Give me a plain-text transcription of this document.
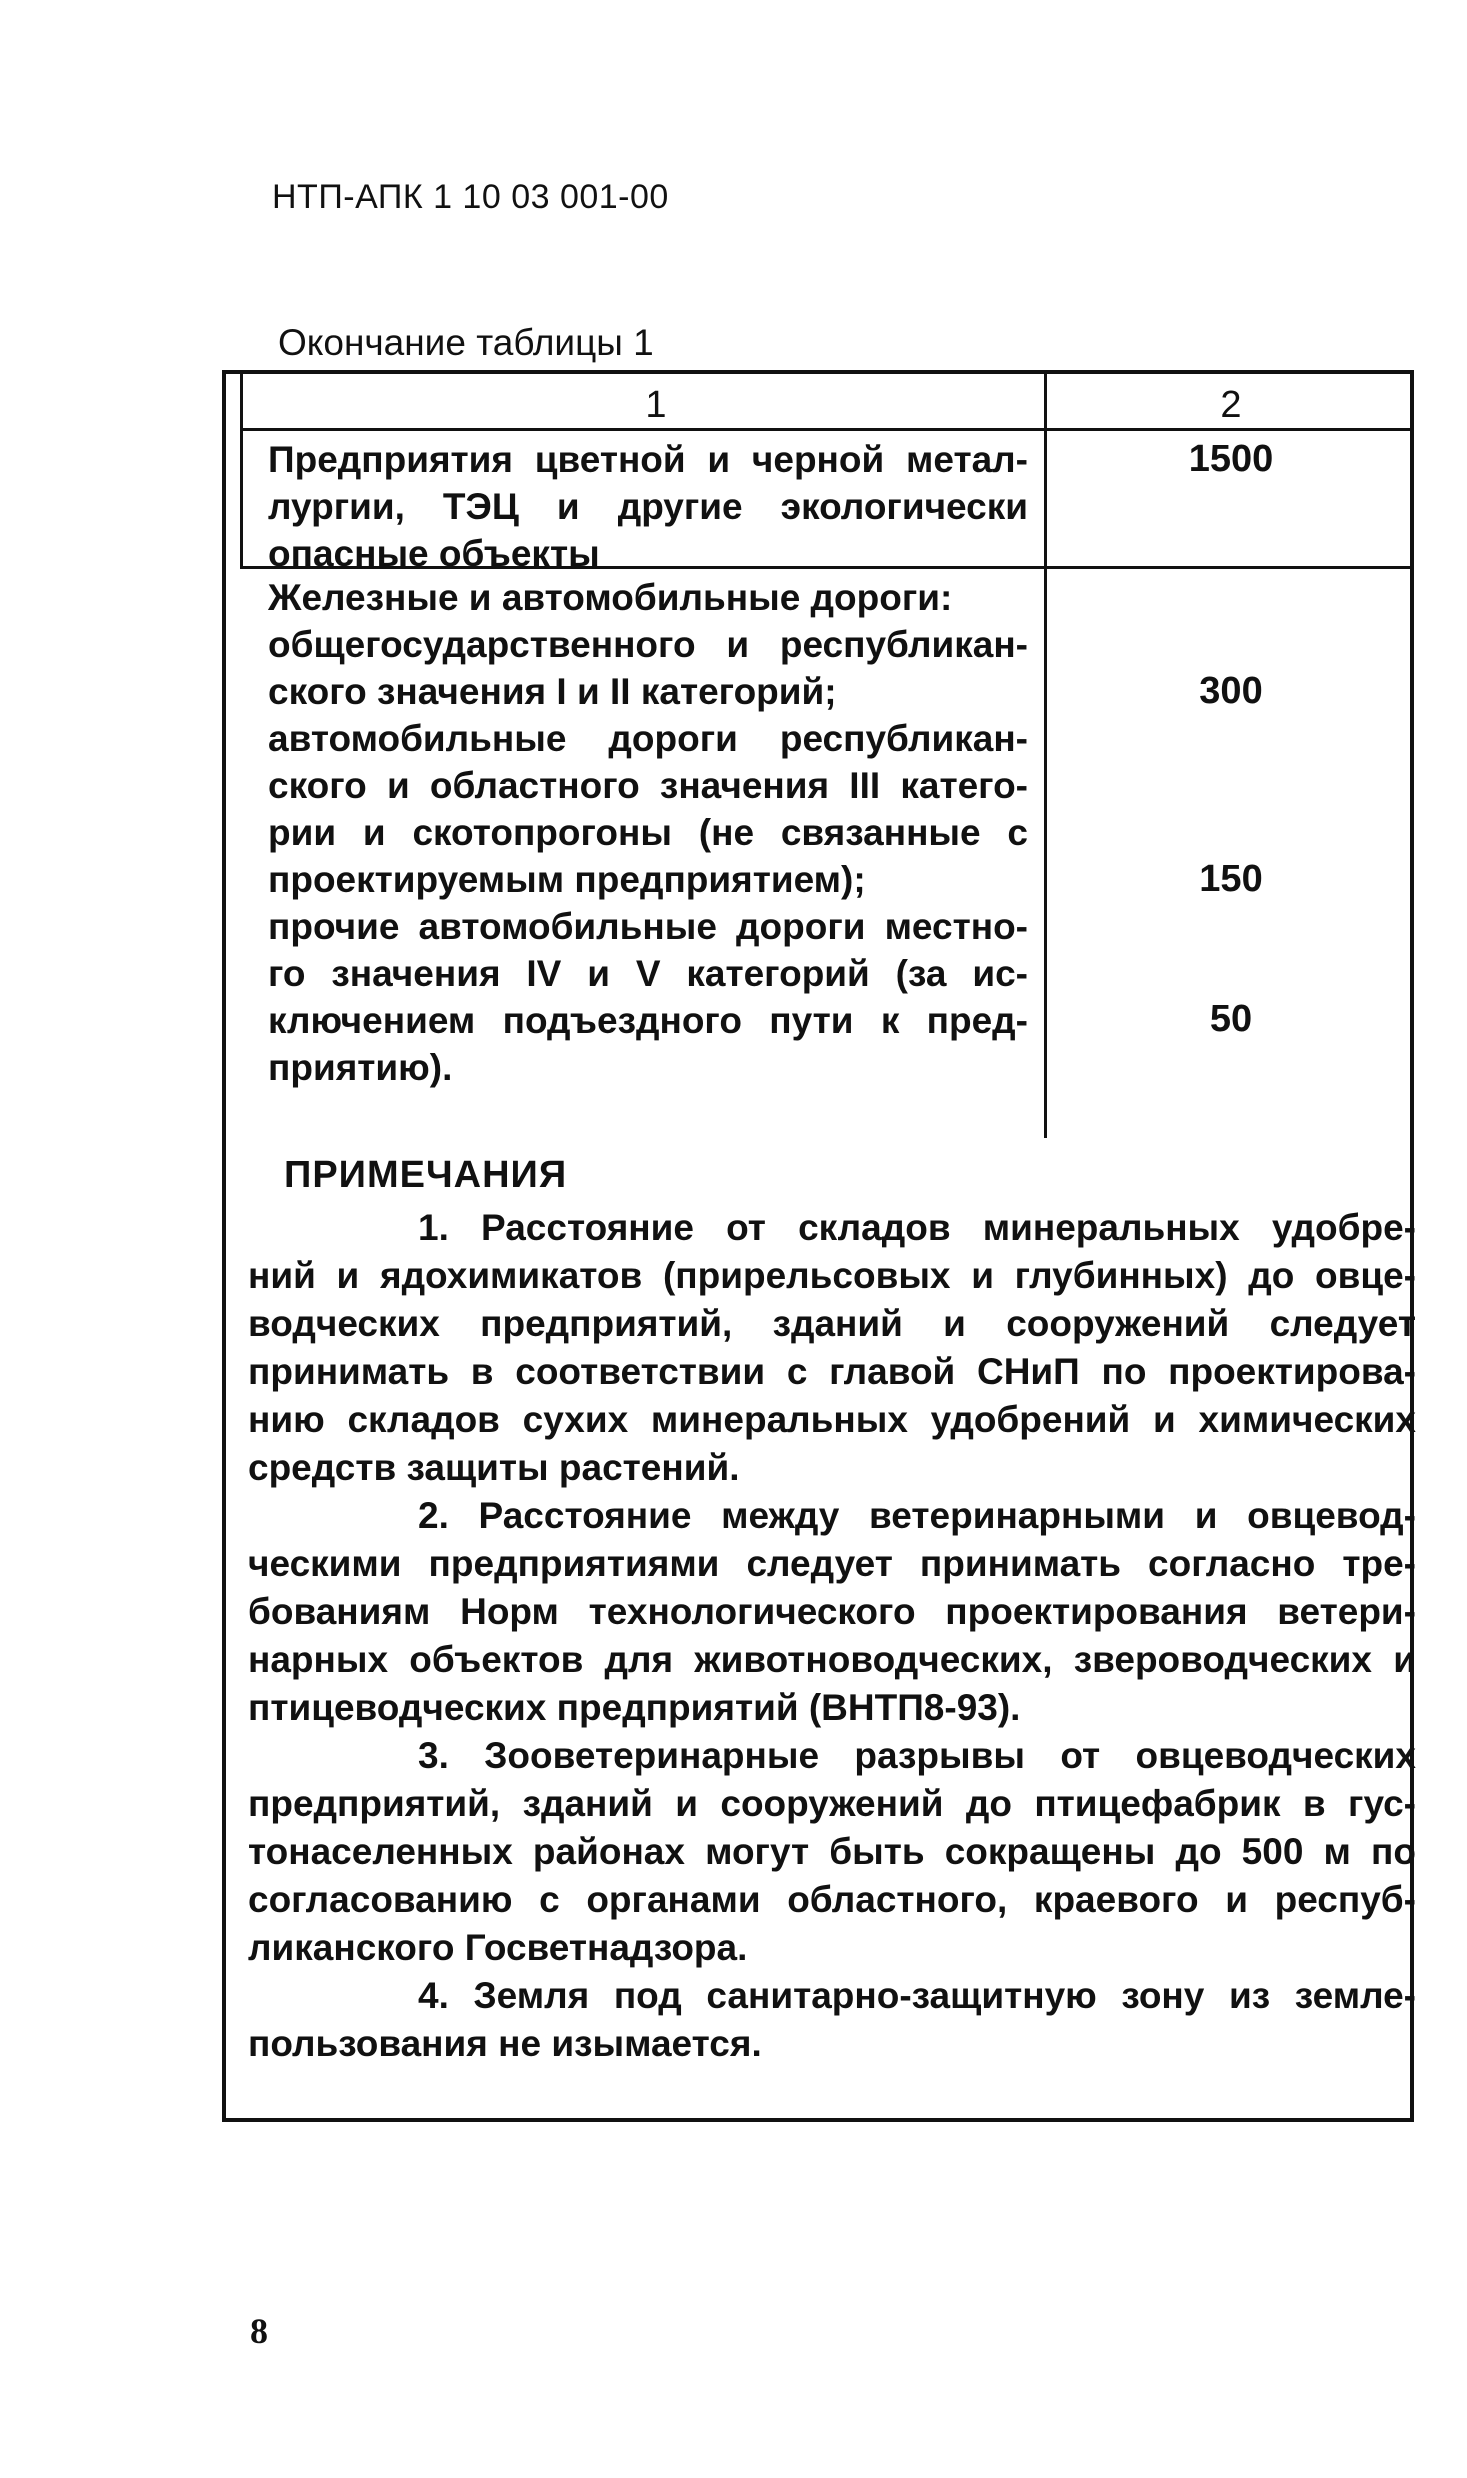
НТП-АПК 1 10 03 001-00
Окончание таблицы 1
1	2
Предприятия цветной и черной метал-
лургии, ТЭЦ и другие экологически
опасные объекты
1500
Железные и автомобильные дороги:
общегосударственного и республикан-
ского значения I и II категорий;
автомобильные дороги республикан-
ского и областного значения III катего-
рии и скотопрогоны (не связанные с
проектируемым предприятием);
прочие автомобильные дороги местно-
го значения IV и V категорий (за ис-
ключением подъездного пути к пред-
приятию).
300
150
50
ПРИМЕЧАНИЯ
1. Расстояние от складов минеральных удобре-
ний и ядохимикатов (прирельсовых и глубинных) до овце-
водческих предприятий, зданий и сооружений следует
принимать в соответствии с главой СНиП по проектирова-
нию складов сухих минеральных удобрений и химических
средств защиты растений.
2. Расстояние между ветеринарными и овцевод-
ческими предприятиями следует принимать согласно тре-
бованиям Норм технологического проектирования ветери-
нарных объектов для животноводческих, звероводческих и
птицеводческих предприятий (ВНТП8-93).
3. Зооветеринарные разрывы от овцеводческих
предприятий, зданий и сооружений до птицефабрик в гус-
тонаселенных районах могут быть сокращены до 500 м по
согласованию с органами областного, краевого и респуб-
ликанского Госветнадзора.
4. Земля под санитарно-защитную зону из земле-
пользования не изымается.
8
